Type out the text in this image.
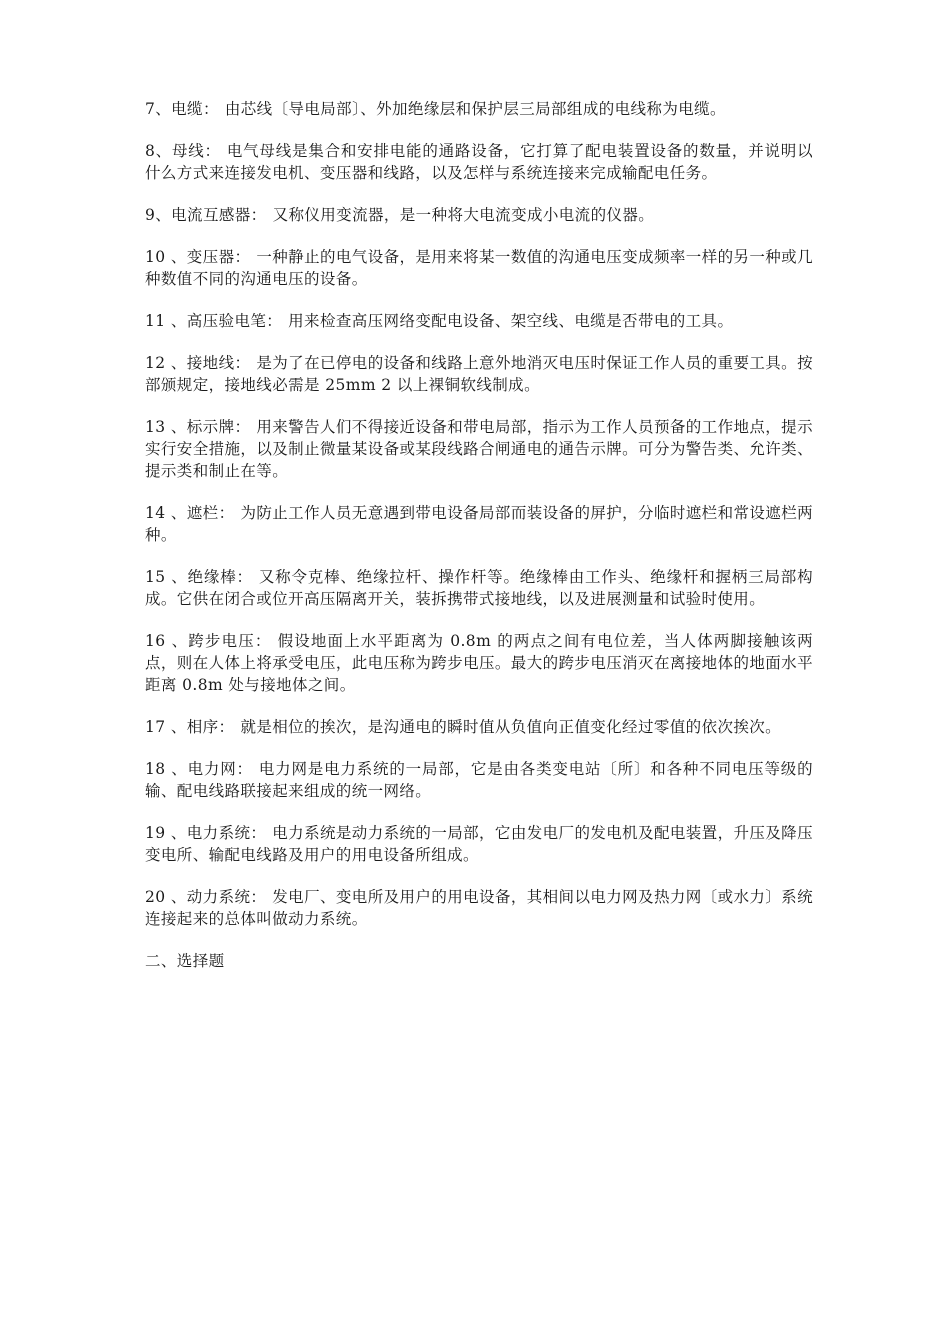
7、电缆： 由芯线〔导电局部〕、外加绝缘层和保护层三局部组成的电线称为电缆。
8、母线： 电气母线是集合和安排电能的通路设备，它打算了配电装置设备的数量，并说明以什么方式来连接发电机、变压器和线路，以及怎样与系统连接来完成输配电任务。
9、电流互感器： 又称仪用变流器，是一种将大电流变成小电流的仪器。
10 、变压器： 一种静止的电气设备，是用来将某一数值的沟通电压变成频率一样的另一种或几种数值不同的沟通电压的设备。
11 、高压验电笔： 用来检查高压网络变配电设备、架空线、电缆是否带电的工具。
12 、接地线： 是为了在已停电的设备和线路上意外地消灭电压时保证工作人员的重要工具。按部颁规定，接地线必需是 25mm 2 以上裸铜软线制成。
13 、标示牌： 用来警告人们不得接近设备和带电局部，指示为工作人员预备的工作地点，提示实行安全措施，以及制止微量某设备或某段线路合闸通电的通告示牌。可分为警告类、允许类、提示类和制止在等。
14 、遮栏： 为防止工作人员无意遇到带电设备局部而装设备的屏护，分临时遮栏和常设遮栏两种。
15 、绝缘棒： 又称令克棒、绝缘拉杆、操作杆等。绝缘棒由工作头、绝缘杆和握柄三局部构成。它供在闭合或位开高压隔离开关，装拆携带式接地线，以及进展测量和试验时使用。
16 、跨步电压： 假设地面上水平距离为 0.8m 的两点之间有电位差，当人体两脚接触该两点，则在人体上将承受电压，此电压称为跨步电压。最大的跨步电压消灭在离接地体的地面水平距离 0.8m 处与接地体之间。
17 、相序： 就是相位的挨次，是沟通电的瞬时值从负值向正值变化经过零值的依次挨次。
18 、电力网： 电力网是电力系统的一局部，它是由各类变电站〔所〕和各种不同电压等级的输、配电线路联接起来组成的统一网络。
19 、电力系统： 电力系统是动力系统的一局部，它由发电厂的发电机及配电装置，升压及降压变电所、输配电线路及用户的用电设备所组成。
20 、动力系统： 发电厂、变电所及用户的用电设备，其相间以电力网及热力网〔或水力〕系统连接起来的总体叫做动力系统。
二、选择题
